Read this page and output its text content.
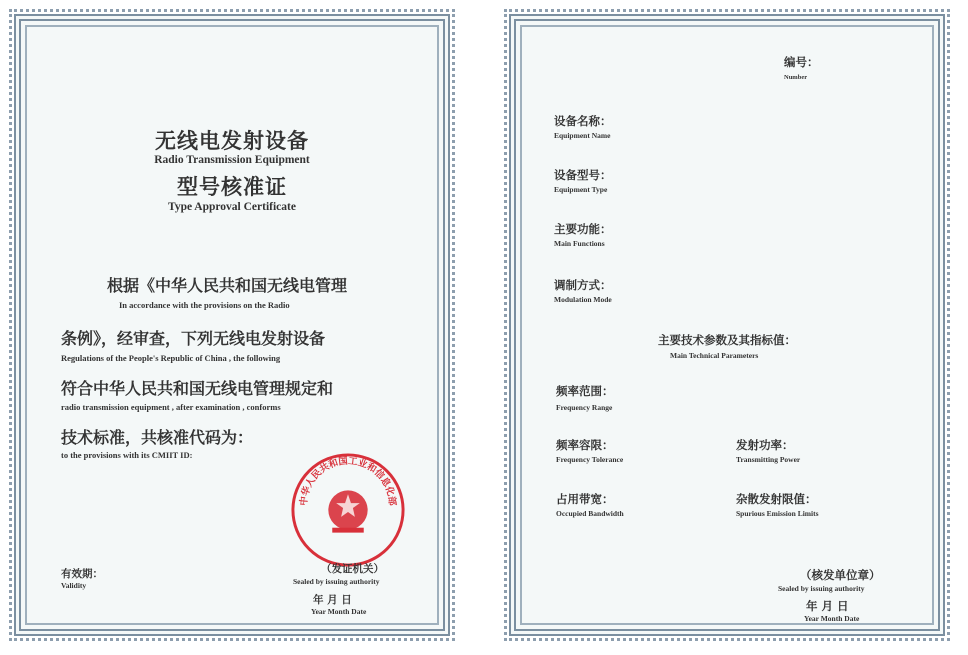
无线电发射设备
Radio Transmission Equipment
型号核准证
Type Approval Certificate
根据《中华人民共和国无线电管理
In accordance with the provisions on the Radio
条例》，经审查，下列无线电发射设备
Regulations of the People's Republic of China , the following
符合中华人民共和国无线电管理规定和
radio transmission equipment , after examination , conforms
技术标准，共核准代码为：
to the provisions with its CMIIT ID:
有效期：
Validity
中华人民共和国工业和信息化部
（发证机关）
Sealed by issuing authority
年 月 日
Year Month Date
编号：
Number
设备名称：
Equipment Name
设备型号：
Equipment Type
主要功能：
Main Functions
调制方式：
Modulation Mode
主要技术参数及其指标值：
Main Technical Parameters
频率范围：
Frequency Range
频率容限：
Frequency Tolerance
发射功率：
Transmitting Power
占用带宽：
Occupied Bandwidth
杂散发射限值：
Spurious Emission Limits
（核发单位章）
Sealed by issuing authority
年 月 日
Year Month Date
